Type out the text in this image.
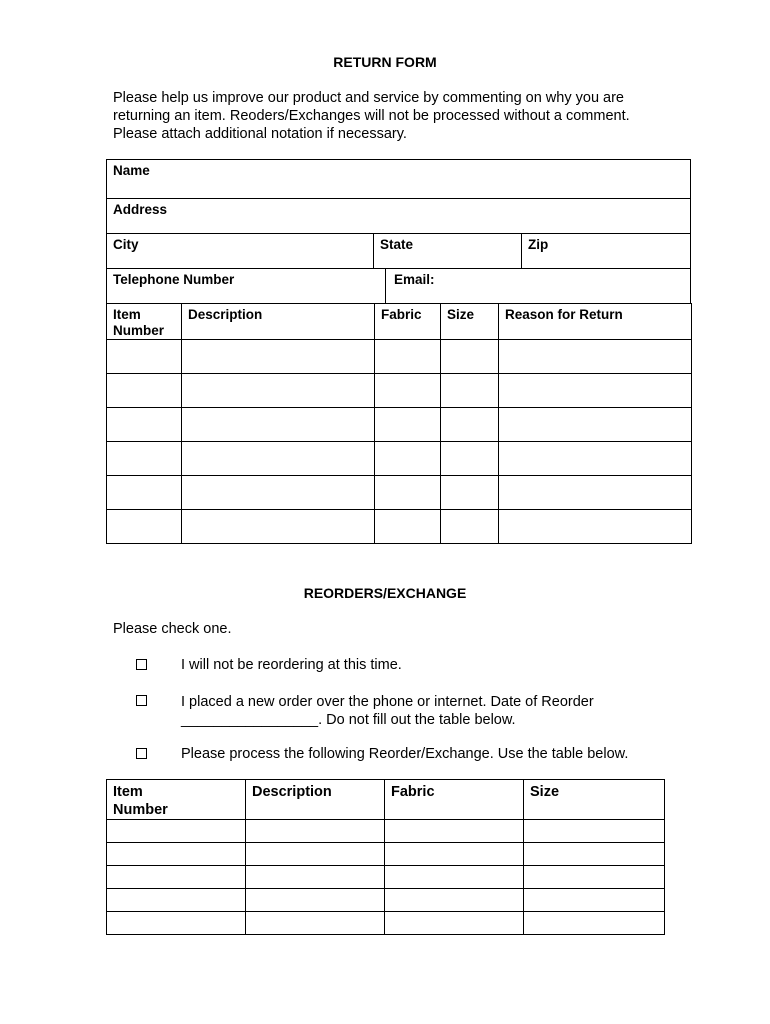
RETURN FORM
Please help us improve our product and service by commenting on why you are
returning an item. Reoders/Exchanges will not be processed without a comment.
Please attach additional notation if necessary.
Name
Address
City	State	Zip
Telephone Number	Email:
Item
Number	Description	Fabric	Size	Reason for Return

REORDERS/EXCHANGE
Please check one.
I will not be reordering at this time.
I placed a new order over the phone or internet. Date of Reorder
_________________. Do not fill out the table below.
Please process the following Reorder/Exchange. Use the table below.
Item
Number	Description	Fabric	Size
